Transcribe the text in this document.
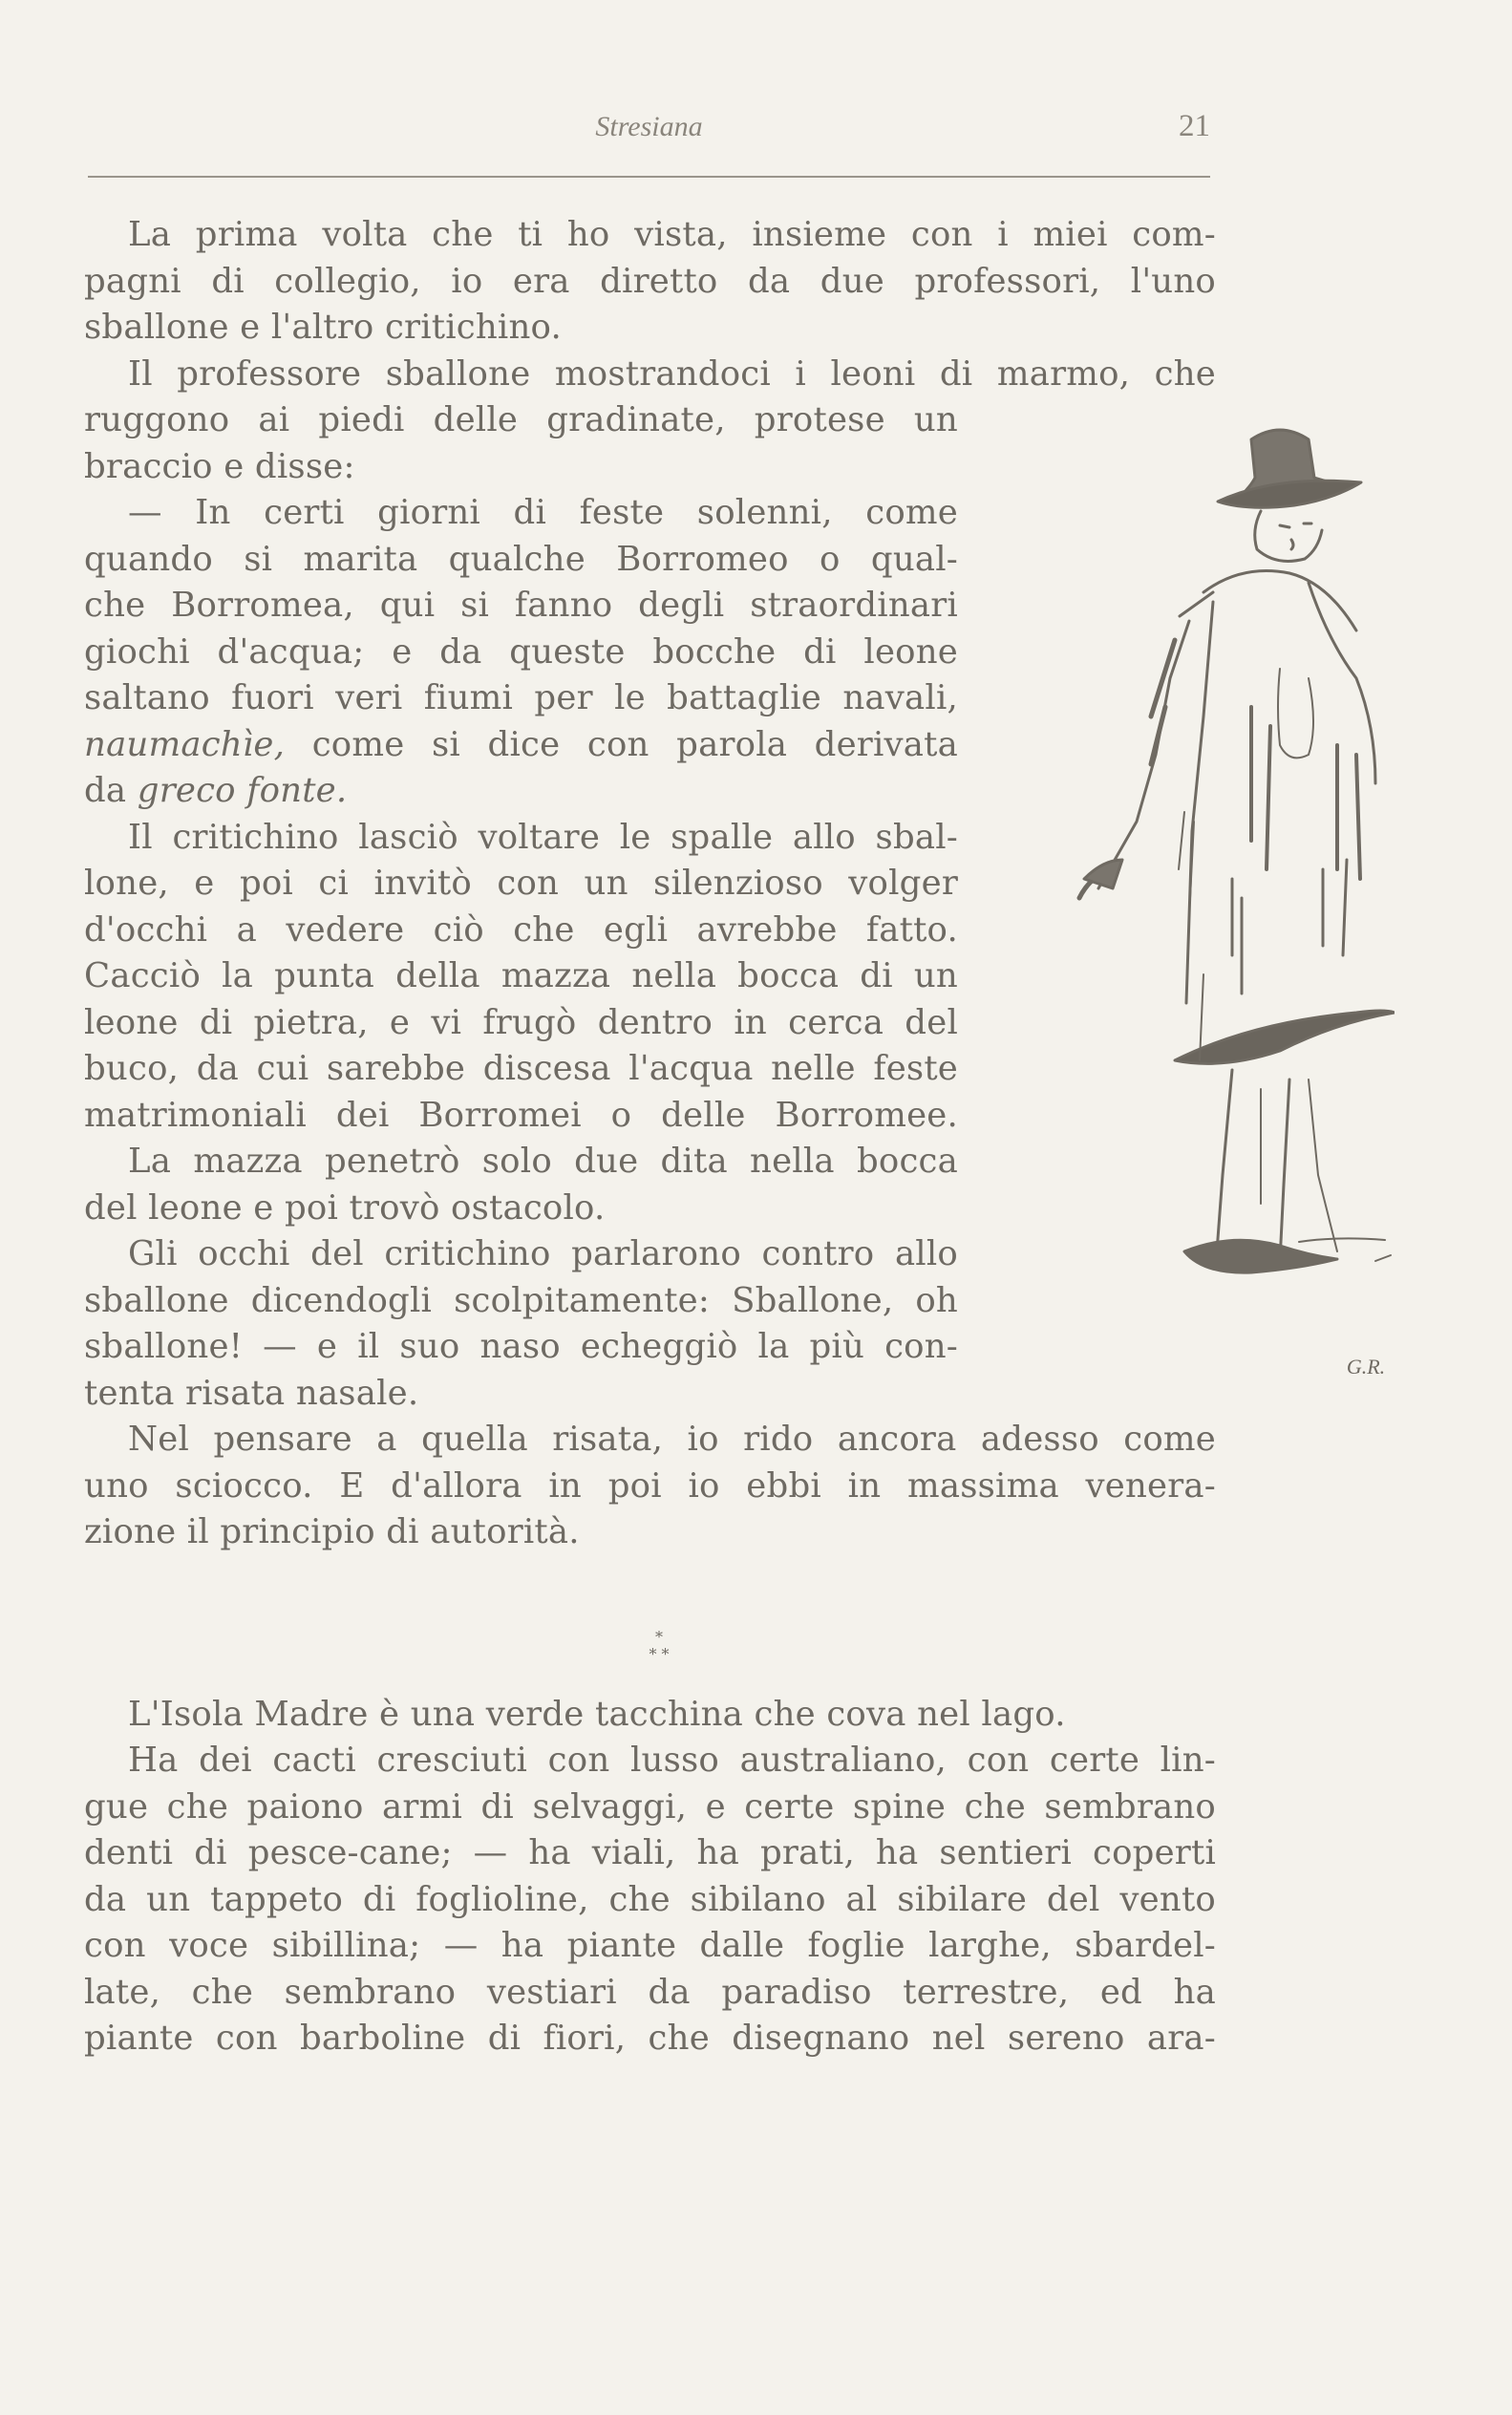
Stresiana	21
La prima volta che ti ho vista, insieme con i miei com-
pagni di collegio, io era diretto da due professori, l'uno
sballone e l'altro critichino.
Il professore sballone mostrandoci i leoni di marmo, che
ruggono ai piedi delle gradinate, protese un
braccio e disse:
— In certi giorni di feste solenni, come
quando si marita qualche Borromeo o qual-
che Borromea, qui si fanno degli straordinari
giochi d'acqua; e da queste bocche di leone
saltano fuori veri fiumi per le battaglie navali,
naumachìe, come si dice con parola derivata
da greco fonte.
Il critichino lasciò voltare le spalle allo sbal-
lone, e poi ci invitò con un silenzioso volger
d'occhi a vedere ciò che egli avrebbe fatto.
Cacciò la punta della mazza nella bocca di un
leone di pietra, e vi frugò dentro in cerca del
buco, da cui sarebbe discesa l'acqua nelle feste
matrimoniali dei Borromei o delle Borromee.
La mazza penetrò solo due dita nella bocca
del leone e poi trovò ostacolo.
Gli occhi del critichino parlarono contro allo
sballone dicendogli scolpitamente: Sballone, oh
sballone! — e il suo naso echeggiò la più con-
tenta risata nasale.
Nel pensare a quella risata, io rido ancora adesso come
uno sciocco. E d'allora in poi io ebbi in massima venera-
zione il principio di autorità.
L'Isola Madre è una verde tacchina che cova nel lago.
Ha dei cacti cresciuti con lusso australiano, con certe lin-
gue che paiono armi di selvaggi, e certe spine che sembrano
denti di pesce-cane; — ha viali, ha prati, ha sentieri coperti
da un tappeto di foglioline, che sibilano al sibilare del vento
con voce sibillina; — ha piante dalle foglie larghe, sbardel-
late, che sembrano vestiari da paradiso terrestre, ed ha
piante con barboline di fiori, che disegnano nel sereno ara-
*
* *
G.R.
